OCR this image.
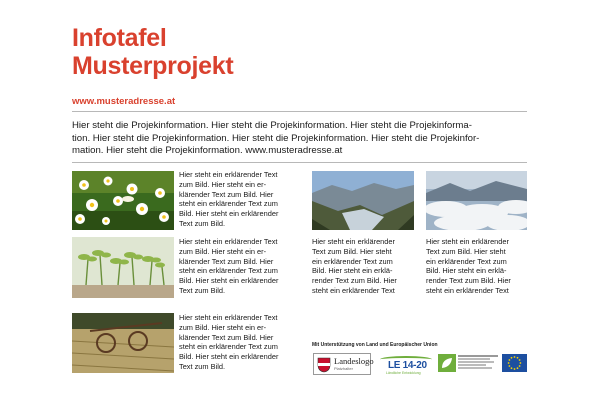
Infotafel
Musterprojekt
www.musteradresse.at
Hier steht die Projekinformation. Hier steht die Projekinformation. Hier steht die Projekinforma-
tion. Hier steht die Projekinformation. Hier steht die Projekinformation. Hier steht die Projekinfor-
mation. Hier steht die Projekinformation. www.musteradresse.at
Hier steht ein erklärender Text
zum Bild. Hier steht ein er-
klärender Text zum Bild. Hier
steht ein erklärender Text zum
Bild. Hier steht ein erklärender
Text zum Bild.
Hier steht ein erklärender Text
zum Bild. Hier steht ein er-
klärender Text zum Bild. Hier
steht ein erklärender Text zum
Bild. Hier steht ein erklärender
Text zum Bild.
Hier steht ein erklärender Text
zum Bild. Hier steht ein er-
klärender Text zum Bild. Hier
steht ein erklärender Text zum
Bild. Hier steht ein erklärender
Text zum Bild.
Hier steht ein erklärender
Text zum Bild. Hier steht
ein erklärender Text zum
Bild. Hier steht ein erklä-
render Text zum Bild. Hier
steht ein erklärender Text
Hier steht ein erklärender
Text zum Bild. Hier steht
ein erklärender Text zum
Bild. Hier steht ein erklä-
render Text zum Bild. Hier
steht ein erklärender Text
Mit Unterstützung von Land und Europäischer Union
Landeslogo
Platzhalter	LE 14-20
Ländliche Entwicklung
